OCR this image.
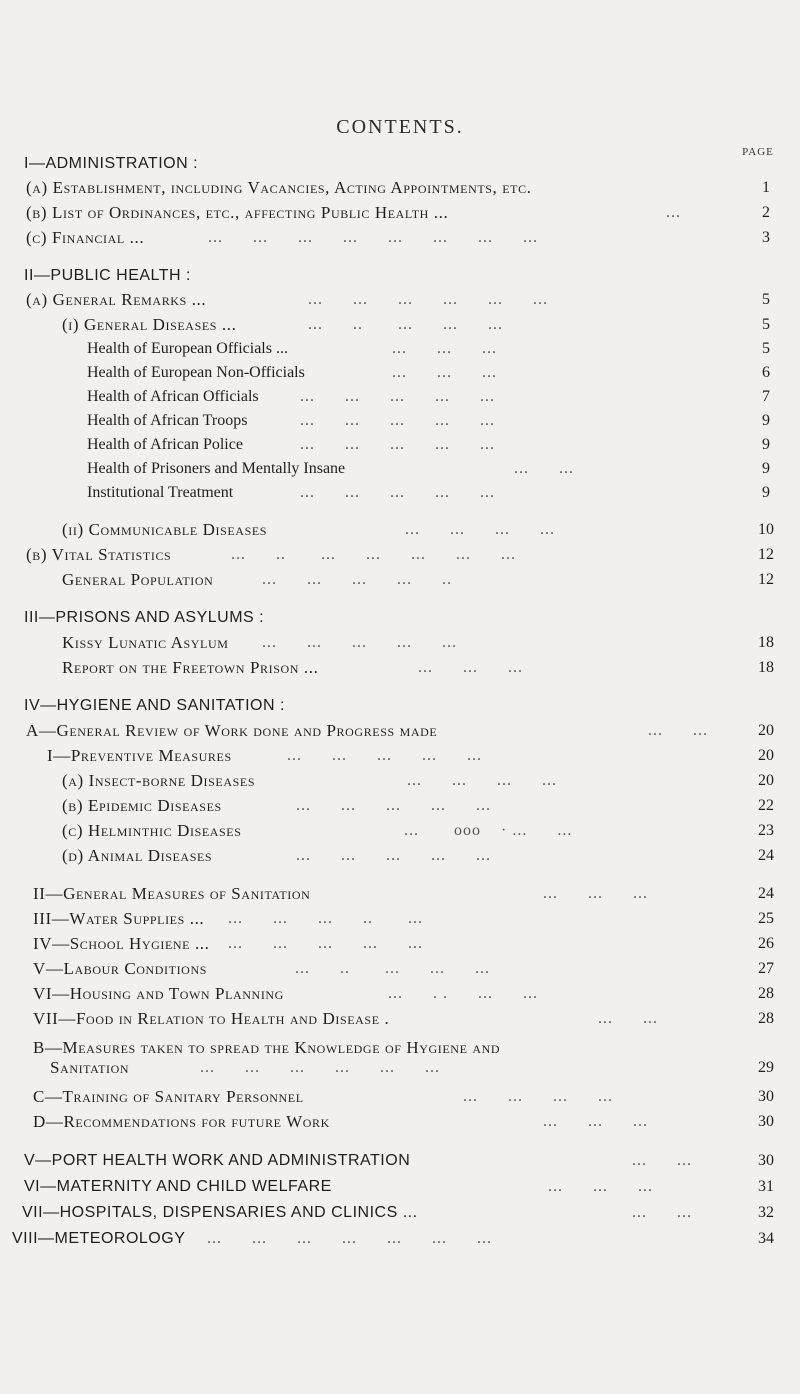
CONTENTS.
PAGE
I—ADMINISTRATION :
(a) Establishment, including Vacancies, Acting Appointments, etc.	1
(b) List of Ordinances, etc., affecting Public Health ...	...	2
(c) Financial ...	...      ...      ...      ...      ...      ...      ...      ...	3
II—PUBLIC HEALTH :
(a) General Remarks ...	...      ...      ...      ...      ...      ...	5
(i) General Diseases ...	...      ..       ...      ...      ...	5
Health of European Officials ...	...      ...      ...	5
Health of European Non-Officials	...      ...      ...	6
Health of African Officials	...      ...      ...      ...      ...	7
Health of African Troops	...      ...      ...      ...      ...	9
Health of African Police	...      ...      ...      ...      ...	9
Health of Prisoners and Mentally Insane	...      ...	9
Institutional Treatment	...      ...      ...      ...      ...	9
(ii) Communicable Diseases	...      ...      ...      ...	10
(b) Vital Statistics	...      ..       ...      ...      ...      ...      ...	12
General Population	...      ...      ...      ...      ..	12
III—PRISONS AND ASYLUMS :
Kissy Lunatic Asylum ...      ...      ...      ...      ...	18
Report on the Freetown Prison ...	...      ...      ...	18
IV—HYGIENE AND SANITATION :
A—General Review of Work done and Progress made	...      ...	20
I—Preventive Measures	...      ...      ...      ...      ...	20
(a) Insect-borne Diseases	...      ...      ...      ...	20
(b) Epidemic Diseases	...      ...      ...      ...      ...	22
(c) Helminthic Diseases	...       ooo    · ...      ...	23
(d) Animal Diseases	...      ...      ...      ...      ...	24
II—General Measures of Sanitation	...      ...      ...	24
III—Water Supplies ... ...      ...      ...      ..       ...	25
IV—School Hygiene ... ...      ...      ...      ...      ...	26
V—Labour Conditions	...      ..       ...      ...      ...	27
VI—Housing and Town Planning	...      . .      ...      ...	28
VII—Food in Relation to Health and Disease .	...      ...	28
B—Measures taken to spread the Knowledge of Hygiene and
Sanitation	...      ...      ...      ...      ...      ...	29
C—Training of Sanitary Personnel	...      ...      ...      ...	30
D—Recommendations for future Work	...      ...      ...	30
V—PORT HEALTH WORK AND ADMINISTRATION	...      ...	30
VI—MATERNITY AND CHILD WELFARE	...      ...      ...	31
VII—HOSPITALS, DISPENSARIES AND CLINICS ...	...      ...	32
VIII—METEOROLOGY ...      ...      ...      ...      ...      ...      ...	34
